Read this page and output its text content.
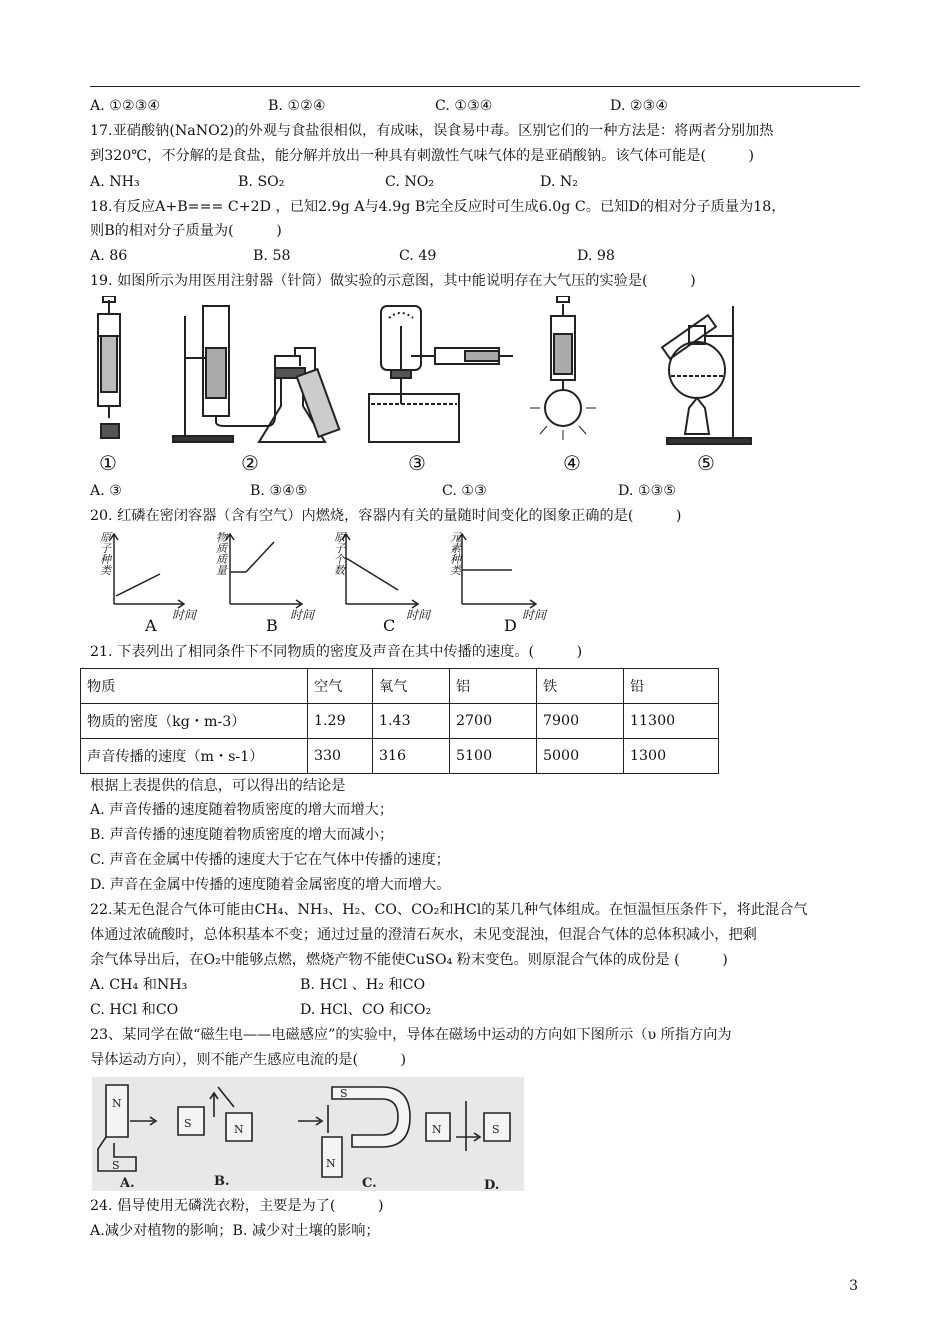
A. ①②③④	B. ①②④	C. ①③④	D. ②③④
17.亚硝酸钠(NaNO2)的外观与食盐很相似，有成味，误食易中毒。区别它们的一种方法是：将两者分别加热
到320℃，不分解的是食盐，能分解并放出一种具有刺激性气味气体的是亚硝酸钠。该气体可能是(　　　)
A. NH₃	B. SO₂	C. NO₂	D. N₂
18.有反应A+B=== C+2D ，已知2.9g A与4.9g B完全反应时可生成6.0g C。已知D的相对分子质量为18，
则B的相对分子质量为(　　　)
A. 86	B. 58	C. 49	D. 98
19. 如图所示为用医用注射器（针筒）做实验的示意图，其中能说明存在大气压的实验是(　　　)
①	②	③	④	⑤
A. ③	B. ③④⑤	C. ①③	D. ①③⑤
20. 红磷在密闭容器（含有空气）内燃烧，容器内有关的量随时间变化的图象正确的是(　　　)
原子种类
时间
A
物质质量
时间
B
原子个数
时间
C
元素种类
时间
D
21. 下表列出了相同条件下不同物质的密度及声音在其中传播的速度。(　　　)
物质	空气	氧气	铝	铁	铅
物质的密度（kg・m-3）	1.29	1.43	2700	7900	11300
声音传播的速度（m・s-1）	330	316	5100	5000	1300
根据上表提供的信息，可以得出的结论是
A. 声音传播的速度随着物质密度的增大而增大；
B. 声音传播的速度随着物质密度的增大而减小；
C. 声音在金属中传播的速度大于它在气体中传播的速度；
D. 声音在金属中传播的速度随着金属密度的增大而增大。
22.某无色混合气体可能由CH₄、NH₃、H₂、CO、CO₂和HCl的某几种气体组成。在恒温恒压条件下，将此混合气
体通过浓硫酸时，总体积基本不变；通过过量的澄清石灰水，未见变混浊，但混合气体的总体积减小，把剩
余气体导出后，在O₂中能够点燃，燃烧产物不能使CuSO₄ 粉末变色。则原混合气体的成份是 (　　　)
A. CH₄ 和NH₃	B. HCl 、H₂ 和CO
C. HCl 和CO	D. HCl、CO 和CO₂
23、某同学在做“磁生电——电磁感应”的实验中，导体在磁场中运动的方向如下图所示（υ 所指方向为
导体运动方向），则不能产生感应电流的是(　　　)
N
S
S	N
S
N
N	S
A.	B.	C.	D.
24. 倡导使用无磷洗衣粉，主要是为了(　　　)
A.减少对植物的影响；B. 减少对土壤的影响；
3
